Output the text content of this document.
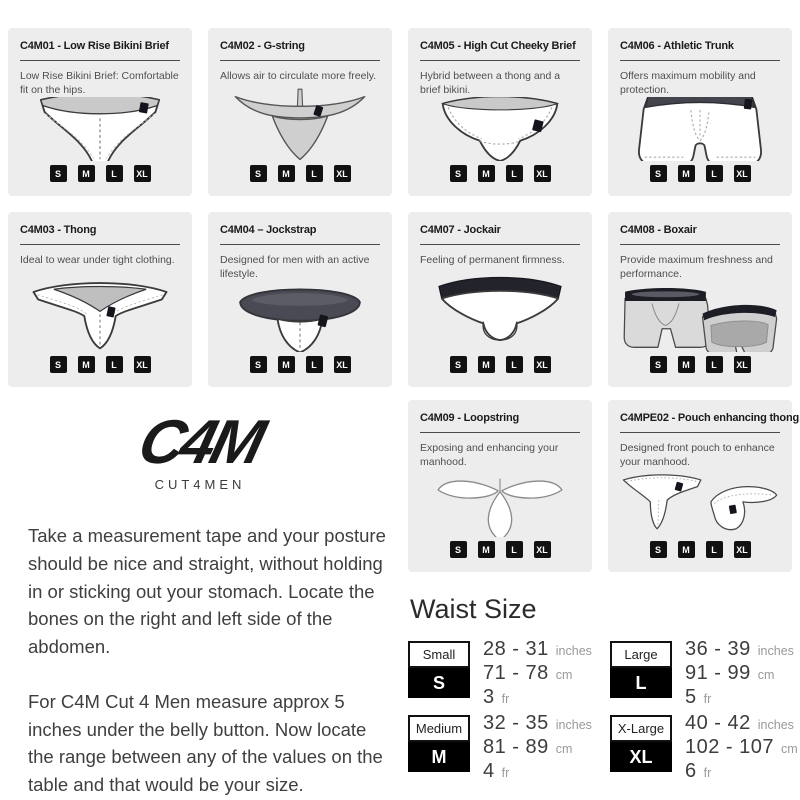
C4M01 - Low Rise Bikini Brief

Low Rise Bikini Brief: Comfortable fit on the hips.

S	M	L	XL
C4M02 - G-string

Allows air to circulate more freely.

S	M	L	XL
C4M05 - High Cut Cheeky Brief

Hybrid between a thong and a brief bikini.

S	M	L	XL
C4M06 - Athletic Trunk

Offers maximum mobility and protection.

S	M	L	XL
C4M03 - Thong

Ideal to wear under tight clothing.

S	M	L	XL
C4M04 – Jockstrap

Designed for men with an active lifestyle.

S	M	L	XL
C4M07 - Jockair

Feeling of permanent firmness.

S	M	L	XL
C4M08 - Boxair

Provide maximum freshness and performance.

S	M	L	XL
C4M09 - Loopstring

Exposing and enhancing your manhood.

S	M	L	XL
C4MPE02 - Pouch enhancing thong

Designed front pouch to enhance your manhood.

S	M	L	XL
C4M
CUT4MEN

Take a measurement tape and your posture should be nice and straight, without holding in or sticking out your stomach. Locate the bones on the right and left side of the abdomen.

For C4M Cut 4 Men measure approx 5 inches under the belly button. Now locate the range between any of the values on the table and that would be your size.

Waist Size
Small
S
28 - 31 inches
71 - 78 cm
3 fr
Large
L
36 - 39 inches
91 - 99 cm
5 fr
Medium
M
32 - 35 inches
81 - 89 cm
4 fr
X-Large
XL
40 - 42 inches
102 - 107 cm
6 fr
